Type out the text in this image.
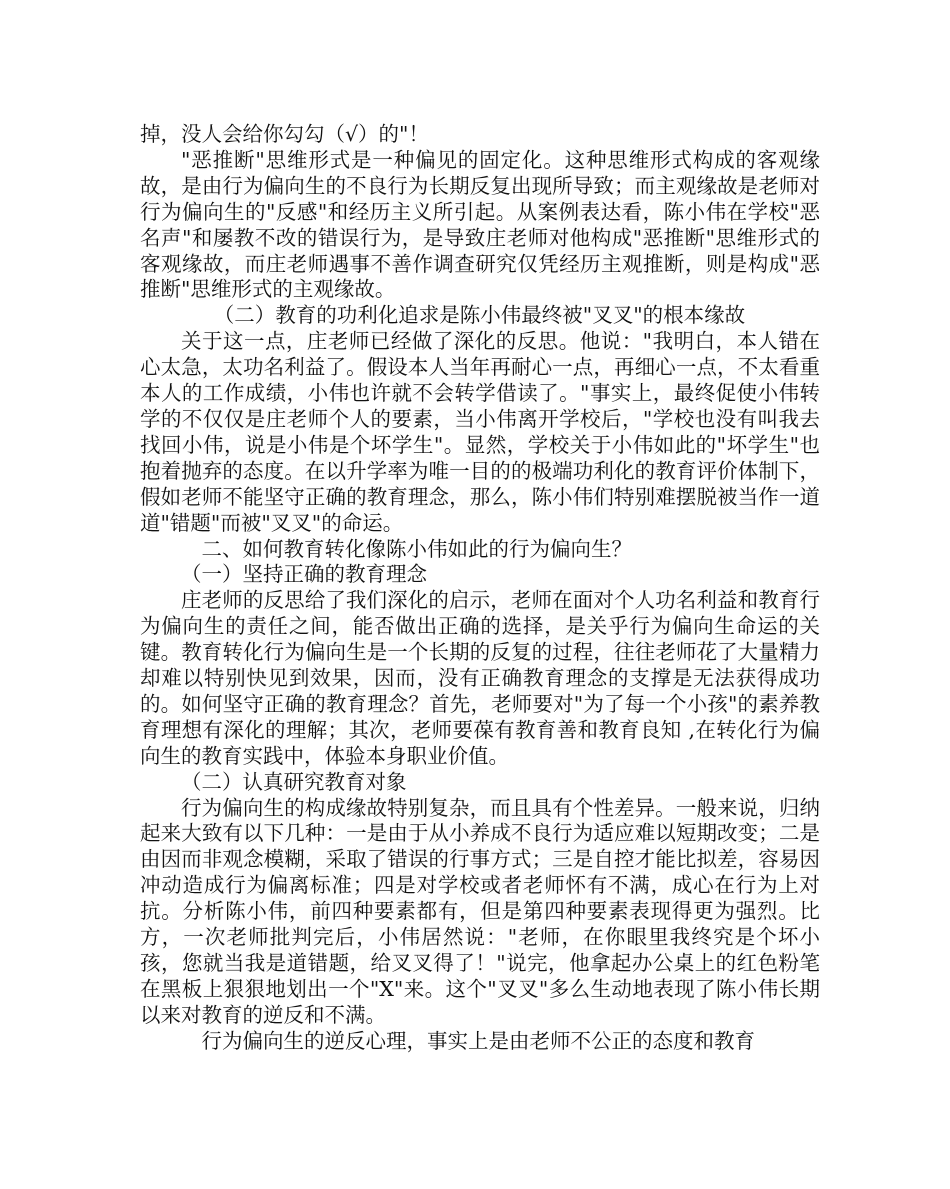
掉，没人会给你勾勾（√）的"！

"恶推断"思维形式是一种偏见的固定化。这种思维形式构成的客观缘故，是由行为偏向生的不良行为长期反复出现所导致；而主观缘故是老师对行为偏向生的"反感"和经历主义所引起。从案例表达看，陈小伟在学校"恶名声"和屡教不改的错误行为，是导致庄老师对他构成"恶推断"思维形式的客观缘故，而庄老师遇事不善作调查研究仅凭经历主观推断，则是构成"恶推断"思维形式的主观缘故。

（二）教育的功利化追求是陈小伟最终被"叉叉"的根本缘故

关于这一点，庄老师已经做了深化的反思。他说："我明白，本人错在心太急，太功名利益了。假设本人当年再耐心一点，再细心一点，不太看重本人的工作成绩，小伟也许就不会转学借读了。"事实上，最终促使小伟转学的不仅仅是庄老师个人的要素，当小伟离开学校后，"学校也没有叫我去找回小伟，说是小伟是个坏学生"。显然，学校关于小伟如此的"坏学生"也抱着抛弃的态度。在以升学率为唯一目的的极端功利化的教育评价体制下，假如老师不能坚守正确的教育理念，那么，陈小伟们特别难摆脱被当作一道道"错题"而被"叉叉"的命运。

二、如何教育转化像陈小伟如此的行为偏向生？

（一）坚持正确的教育理念

庄老师的反思给了我们深化的启示，老师在面对个人功名利益和教育行为偏向生的责任之间，能否做出正确的选择，是关乎行为偏向生命运的关键。教育转化行为偏向生是一个长期的反复的过程，往往老师花了大量精力却难以特别快见到效果，因而，没有正确教育理念的支撑是无法获得成功的。如何坚守正确的教育理念？首先，老师要对"为了每一个小孩"的素养教育理想有深化的理解；其次，老师要葆有教育善和教育良知 ,在转化行为偏向生的教育实践中，体验本身职业价值。

（二）认真研究教育对象

行为偏向生的构成缘故特别复杂，而且具有个性差异。一般来说，归纳起来大致有以下几种：一是由于从小养成不良行为适应难以短期改变；二是由因而非观念模糊，采取了错误的行事方式；三是自控才能比拟差，容易因冲动造成行为偏离标准；四是对学校或者老师怀有不满，成心在行为上对抗。分析陈小伟，前四种要素都有，但是第四种要素表现得更为强烈。比方，一次老师批判完后，小伟居然说："老师，在你眼里我终究是个坏小孩，您就当我是道错题，给叉叉得了！"说完，他拿起办公桌上的红色粉笔在黑板上狠狠地划出一个"X"来。这个"叉叉"多么生动地表现了陈小伟长期以来对教育的逆反和不满。

行为偏向生的逆反心理，事实上是由老师不公正的态度和教育
